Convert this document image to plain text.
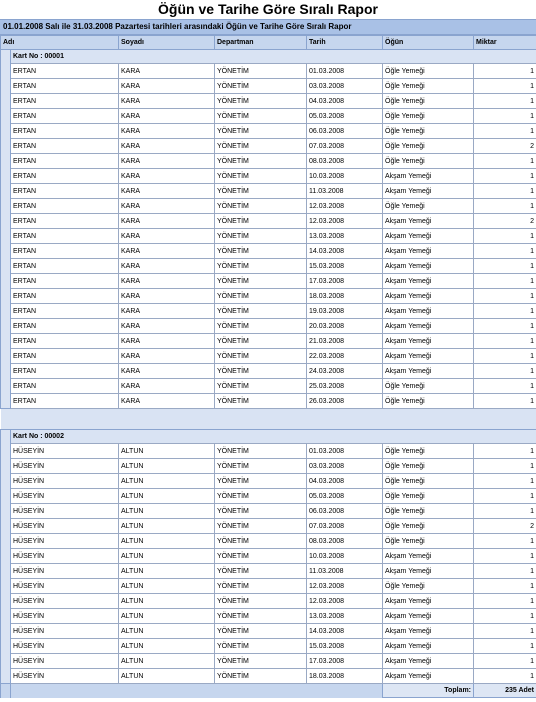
Öğün ve Tarihe Göre Sıralı Rapor
01.01.2008 Salı ile 31.03.2008 Pazartesi tarihleri arasındaki Öğün ve Tarihe Göre Sıralı Rapor
Adı		Soyadı	Departman	Tarih	Öğün	Miktar
	Kart No : 00001					
	ERTAN	KARA	YÖNETİM	01.03.2008	Öğle Yemeği	1
	ERTAN	KARA	YÖNETİM	03.03.2008	Öğle Yemeği	1
	ERTAN	KARA	YÖNETİM	04.03.2008	Öğle Yemeği	1
	ERTAN	KARA	YÖNETİM	05.03.2008	Öğle Yemeği	1
	ERTAN	KARA	YÖNETİM	06.03.2008	Öğle Yemeği	1
	ERTAN	KARA	YÖNETİM	07.03.2008	Öğle Yemeği	2
	ERTAN	KARA	YÖNETİM	08.03.2008	Öğle Yemeği	1
	ERTAN	KARA	YÖNETİM	10.03.2008	Akşam Yemeği	1
	ERTAN	KARA	YÖNETİM	11.03.2008	Akşam Yemeği	1
	ERTAN	KARA	YÖNETİM	12.03.2008	Öğle Yemeği	1
	ERTAN	KARA	YÖNETİM	12.03.2008	Akşam Yemeği	2
	ERTAN	KARA	YÖNETİM	13.03.2008	Akşam Yemeği	1
	ERTAN	KARA	YÖNETİM	14.03.2008	Akşam Yemeği	1
	ERTAN	KARA	YÖNETİM	15.03.2008	Akşam Yemeği	1
	ERTAN	KARA	YÖNETİM	17.03.2008	Akşam Yemeği	1
	ERTAN	KARA	YÖNETİM	18.03.2008	Akşam Yemeği	1
	ERTAN	KARA	YÖNETİM	19.03.2008	Akşam Yemeği	1
	ERTAN	KARA	YÖNETİM	20.03.2008	Akşam Yemeği	1
	ERTAN	KARA	YÖNETİM	21.03.2008	Akşam Yemeği	1
	ERTAN	KARA	YÖNETİM	22.03.2008	Akşam Yemeği	1
	ERTAN	KARA	YÖNETİM	24.03.2008	Akşam Yemeği	1
	ERTAN	KARA	YÖNETİM	25.03.2008	Öğle Yemeği	1
	ERTAN	KARA	YÖNETİM	26.03.2008	Öğle Yemeği	1

	Kart No : 00002					
	HÜSEYİN	ALTUN	YÖNETİM	01.03.2008	Öğle Yemeği	1
	HÜSEYİN	ALTUN	YÖNETİM	03.03.2008	Öğle Yemeği	1
	HÜSEYİN	ALTUN	YÖNETİM	04.03.2008	Öğle Yemeği	1
	HÜSEYİN	ALTUN	YÖNETİM	05.03.2008	Öğle Yemeği	1
	HÜSEYİN	ALTUN	YÖNETİM	06.03.2008	Öğle Yemeği	1
	HÜSEYİN	ALTUN	YÖNETİM	07.03.2008	Öğle Yemeği	2
	HÜSEYİN	ALTUN	YÖNETİM	08.03.2008	Öğle Yemeği	1
	HÜSEYİN	ALTUN	YÖNETİM	10.03.2008	Akşam Yemeği	1
	HÜSEYİN	ALTUN	YÖNETİM	11.03.2008	Akşam Yemeği	1
	HÜSEYİN	ALTUN	YÖNETİM	12.03.2008	Öğle Yemeği	1
	HÜSEYİN	ALTUN	YÖNETİM	12.03.2008	Akşam Yemeği	1
	HÜSEYİN	ALTUN	YÖNETİM	13.03.2008	Akşam Yemeği	1
	HÜSEYİN	ALTUN	YÖNETİM	14.03.2008	Akşam Yemeği	1
	HÜSEYİN	ALTUN	YÖNETİM	15.03.2008	Akşam Yemeği	1
	HÜSEYİN	ALTUN	YÖNETİM	17.03.2008	Akşam Yemeği	1
	HÜSEYİN	ALTUN	YÖNETİM	18.03.2008	Akşam Yemeği	1
					Toplam:	235 Adet
